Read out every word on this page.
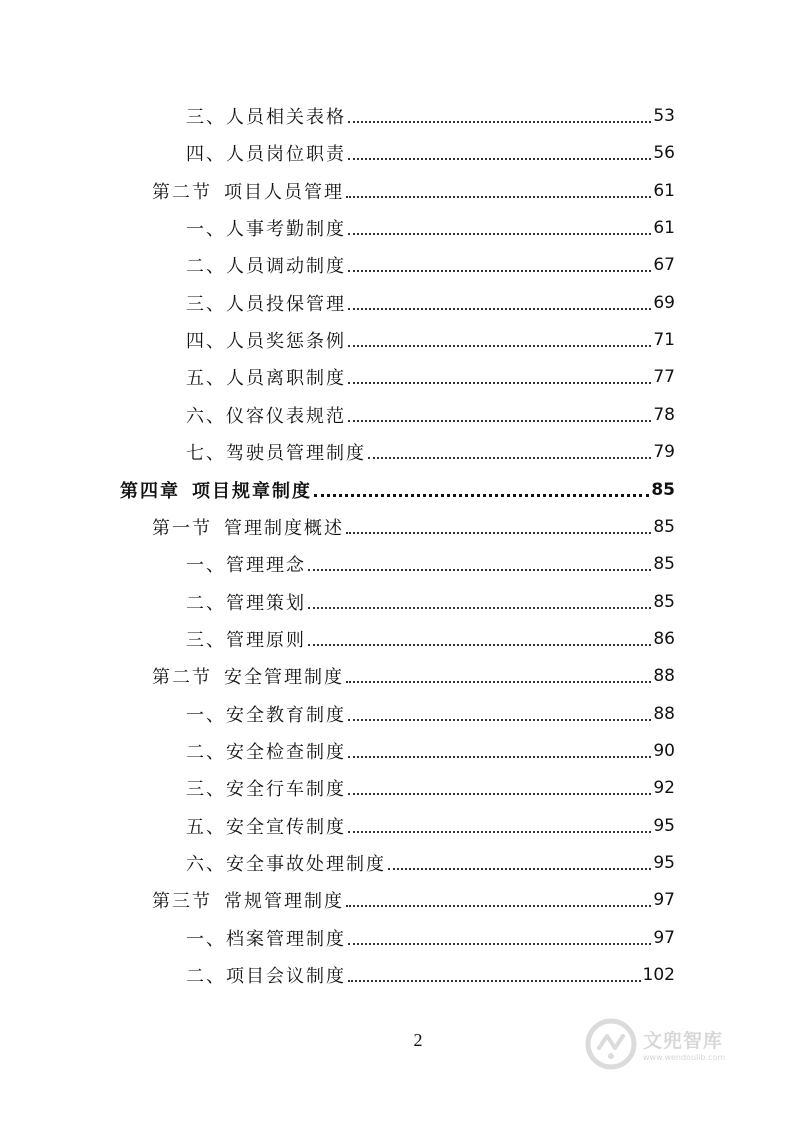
三、人员相关表格	53
四、人员岗位职责	56
第二节 项目人员管理	61
一、人事考勤制度	61
二、人员调动制度	67
三、人员投保管理	69
四、人员奖惩条例	71
五、人员离职制度	77
六、仪容仪表规范	78
七、驾驶员管理制度	79
第四章 项目规章制度	85
第一节 管理制度概述	85
一、管理理念	85
二、管理策划	85
三、管理原则	86
第二节 安全管理制度	88
一、安全教育制度	88
二、安全检查制度	90
三、安全行车制度	92
五、安全宣传制度	95
六、安全事故处理制度	95
第三节 常规管理制度	97
一、档案管理制度	97
二、项目会议制度	102
2	文兜智库
www.wendoulib.com
